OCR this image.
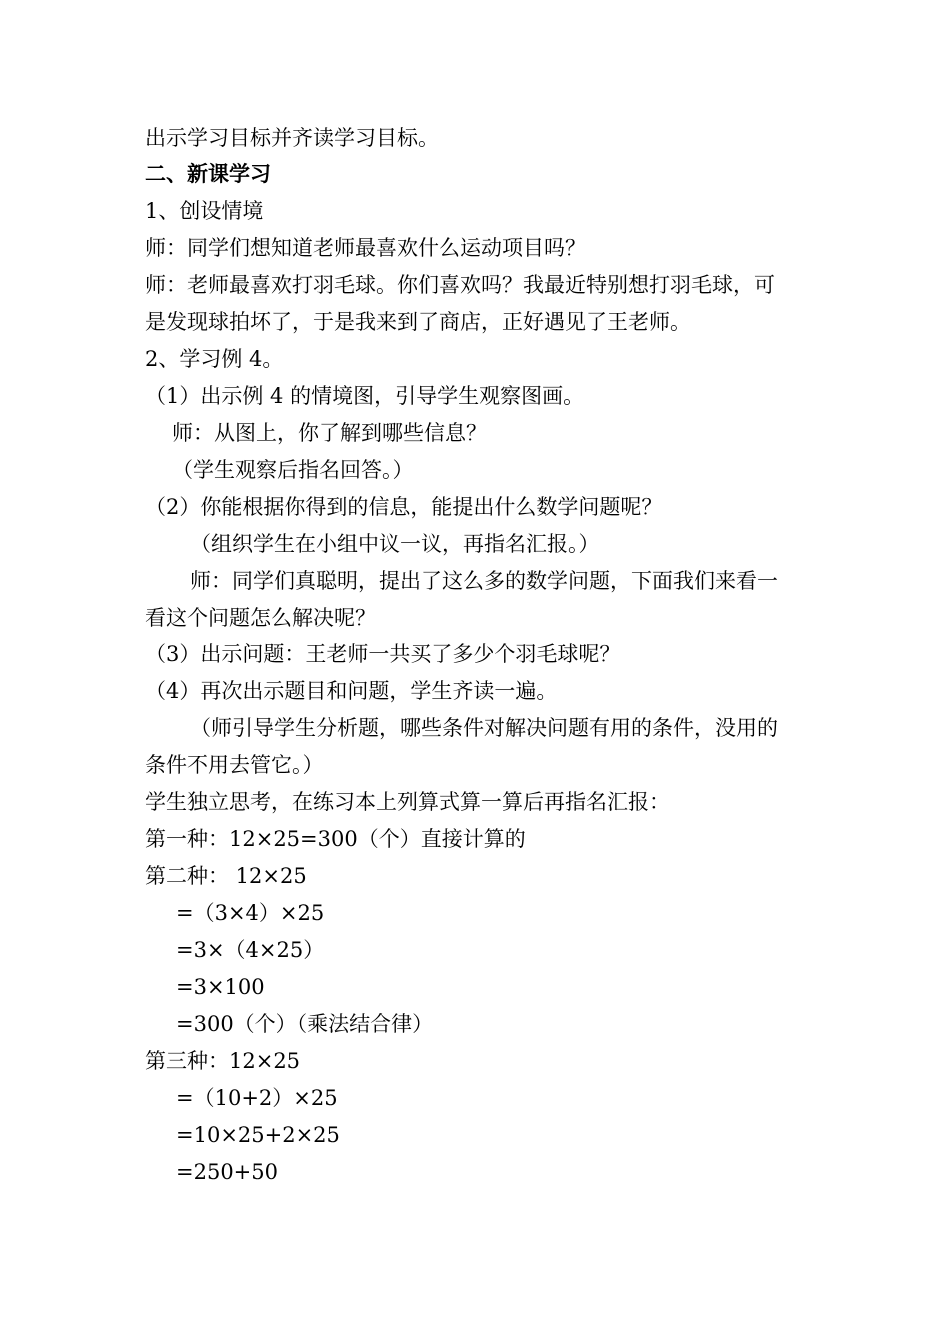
出示学习目标并齐读学习目标。
二、新课学习
1、创设情境
师：同学们想知道老师最喜欢什么运动项目吗？
师：老师最喜欢打羽毛球。你们喜欢吗？我最近特别想打羽毛球，可
是发现球拍坏了，于是我来到了商店，正好遇见了王老师。
2、学习例 4。
（1）出示例 4 的情境图，引导学生观察图画。
师：从图上，你了解到哪些信息？
（学生观察后指名回答。）
（2）你能根据你得到的信息，能提出什么数学问题呢？
（组织学生在小组中议一议，再指名汇报。）
师：同学们真聪明，提出了这么多的数学问题，下面我们来看一
看这个问题怎么解决呢？
（3）出示问题：王老师一共买了多少个羽毛球呢？
（4）再次出示题目和问题，学生齐读一遍。
（师引导学生分析题，哪些条件对解决问题有用的条件，没用的
条件不用去管它。）
学生独立思考，在练习本上列算式算一算后再指名汇报：
第一种：12×25=300（个）直接计算的
第二种： 12×25
=（3×4）×25
=3×（4×25）
=3×100
=300（个）（乘法结合律）
第三种：12×25
=（10+2）×25
=10×25+2×25
=250+50
